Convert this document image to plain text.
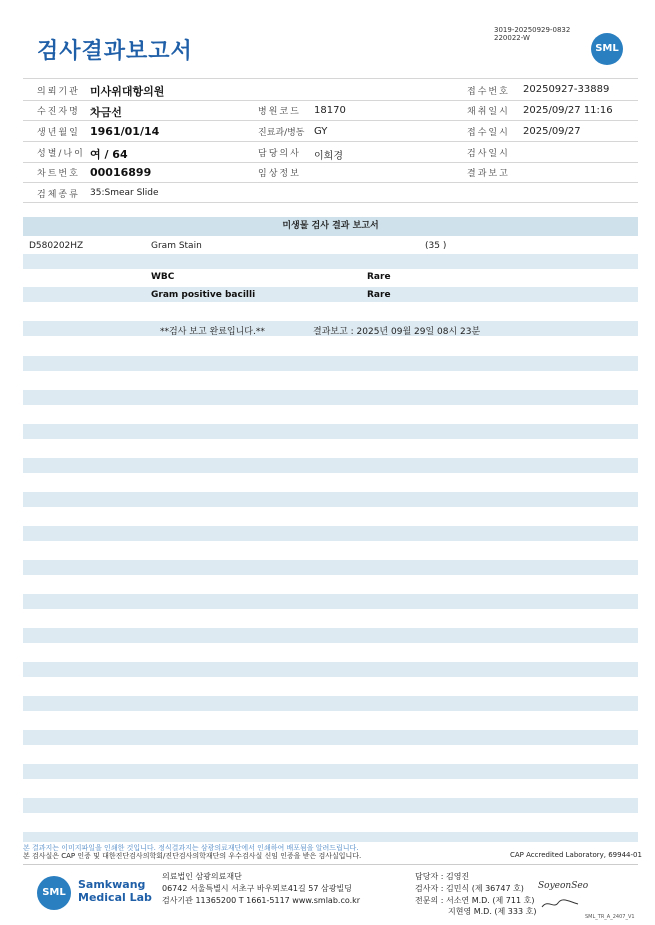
검사결과보고서
3019-20250929-0832
220022-W
SML
의뢰기관 미사위대항의원	접수번호 20250927-33889
수진자명 차금선	병원코드 18170	채취일시 2025/09/27 11:16
생년월일 1961/01/14	진료과/병동 GY	접수일시 2025/09/27
성별/나이 여 / 64	담당의사 이희경	검사일시
차트번호 00016899	임상정보	결과보고
검체종류 35:Smear Slide
미생물 검사 결과 보고서
D580202HZ	Gram Stain	(35 )
WBC	Rare
Gram positive bacilli	Rare
**검사 보고 완료입니다.**	결과보고 : 2025년 09월 29일 08시 23분
본 결과지는 이미지파일을 인쇄한 것입니다. 정식결과지는 삼광의료재단에서 인쇄하여 배포됨을 알려드립니다.
본 검사실은 CAP 인증 및 대한진단검사의학회/진단검사의학재단의 우수검사실 신임 인증을 받은 검사실입니다.	CAP Accredited Laboratory, 69944-01
SML
Samkwang
Medical Lab
의료법인 삼광의료재단
06742 서울특별시 서초구 바우뫼로41길 57 삼광빌딩
검사기관 11365200 T 1661-5117 www.smlab.co.kr
담당자 : 김영진
검사자 : 김민식 (제 36747 호)
전문의 : 서소연 M.D. (제 711 호)
지현영 M.D. (제 333 호)
SoyeonSeo
SML_TR_A_2407_V1
